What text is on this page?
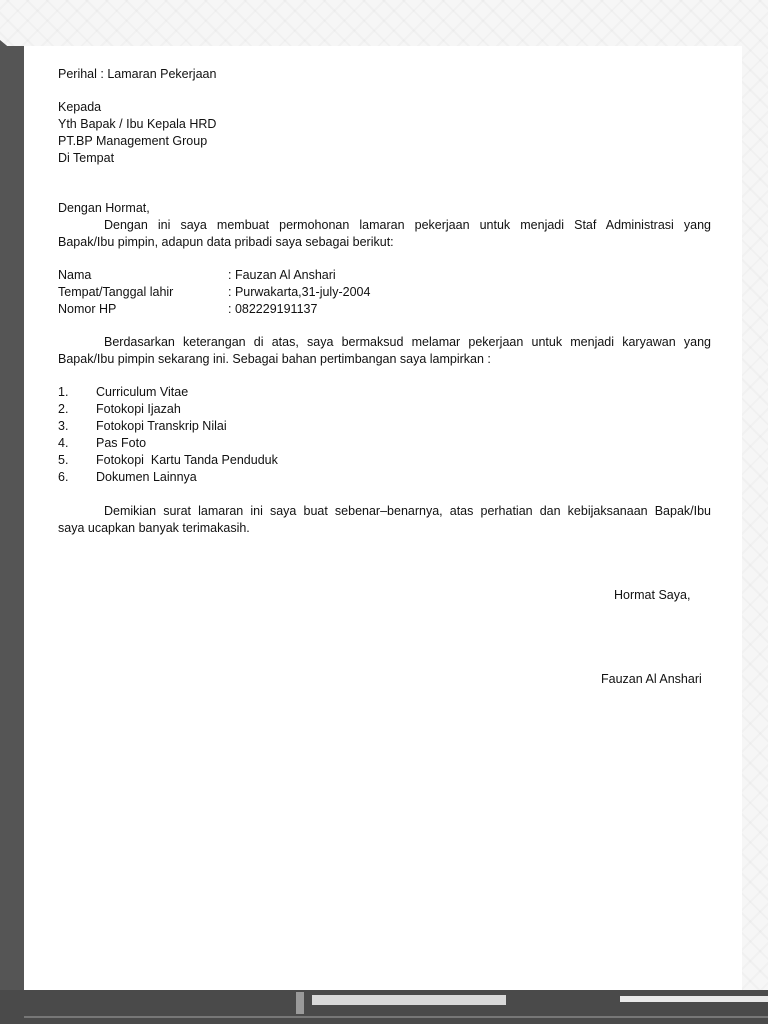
Perihal : Lamaran Pekerjaan
Kepada
Yth Bapak / Ibu Kepala HRD
PT.BP Management Group
Di Tempat
Dengan Hormat,
Dengan ini saya membuat permohonan lamaran pekerjaan untuk menjadi Staf Administrasi yang
Bapak/Ibu pimpin, adapun data pribadi saya sebagai berikut:
Nama	: Fauzan Al Anshari
Tempat/Tanggal lahir	: Purwakarta,31-july-2004
Nomor HP	: 082229191137
Berdasarkan keterangan di atas, saya bermaksud melamar pekerjaan untuk menjadi karyawan yang
Bapak/Ibu pimpin sekarang ini. Sebagai bahan pertimbangan saya lampirkan :
1. Curriculum Vitae
2. Fotokopi Ijazah
3. Fotokopi Transkrip Nilai
4. Pas Foto
5. Fotokopi  Kartu Tanda Penduduk
6. Dokumen Lainnya
Demikian surat lamaran ini saya buat sebenar–benarnya, atas perhatian dan kebijaksanaan Bapak/Ibu
saya ucapkan banyak terimakasih.
Hormat Saya,
Fauzan Al Anshari
